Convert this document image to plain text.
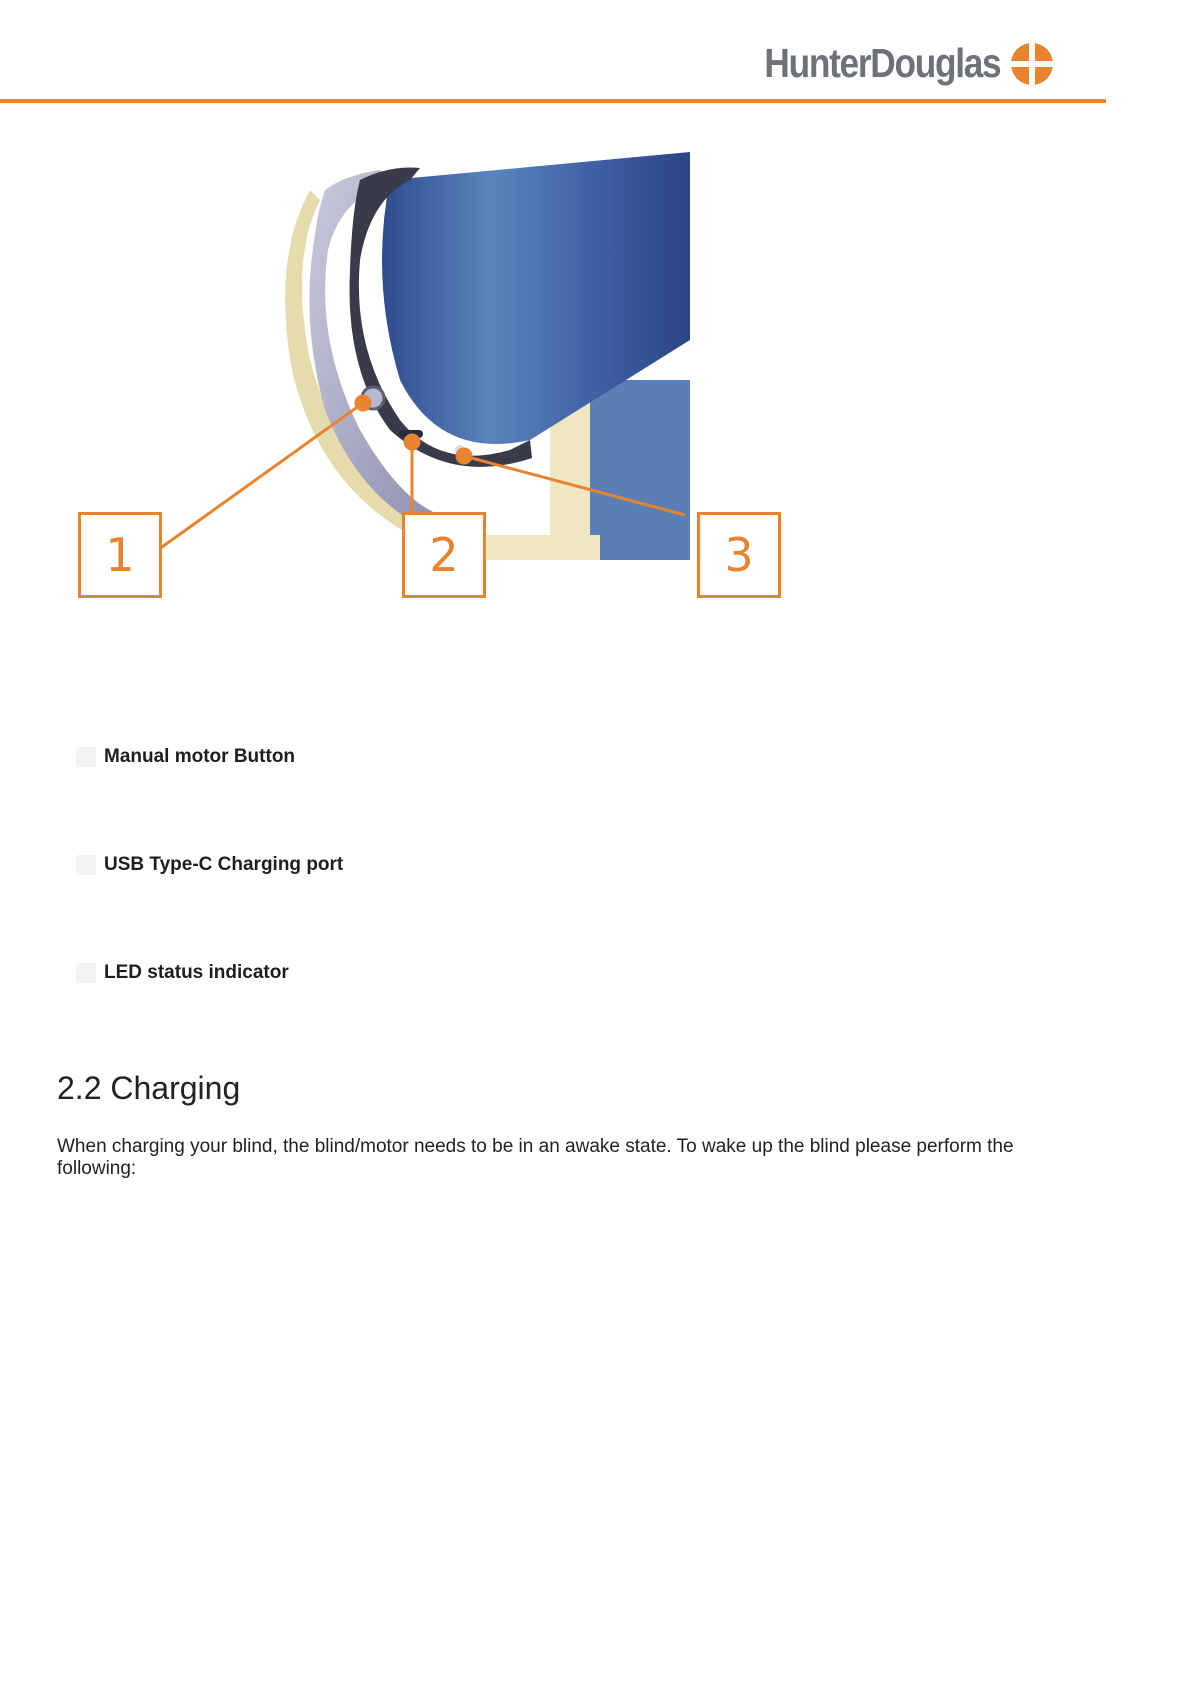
HunterDouglas
1	2	3
Manual motor Button
USB Type-C Charging port
LED status indicator
2.2 Charging

When charging your blind, the blind/motor needs to be in an awake state. To wake up the blind please perform the following:
